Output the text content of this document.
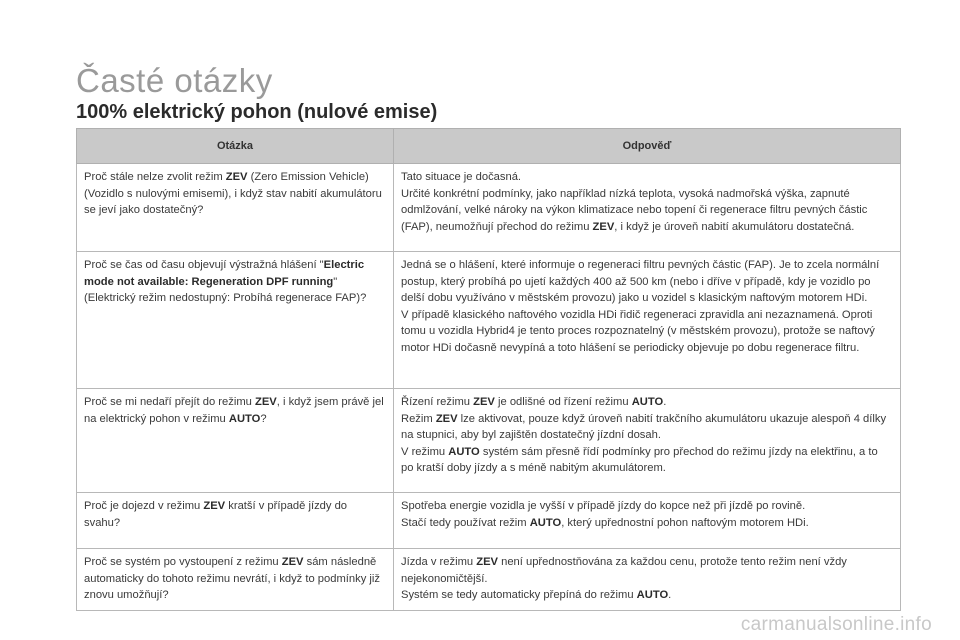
Časté otázky
100% elektrický pohon (nulové emise)
Otázka	Odpověď
Proč stále nelze zvolit režim ZEV (Zero Emission Vehicle) (Vozidlo s nulovými emisemi), i když stav nabití akumulátoru se jeví jako dostatečný?	Tato situace je dočasná.
Určité konkrétní podmínky, jako například nízká teplota, vysoká nadmořská výška, zapnuté odmlžování, velké nároky na výkon klimatizace nebo topení či regenerace filtru pevných částic (FAP), neumožňují přechod do režimu ZEV, i když je úroveň nabití akumulátoru dostatečná.
Proč se čas od času objevují výstražná hlášení "Electric mode not available: Regeneration DPF running" (Elektrický režim nedostupný: Probíhá regenerace FAP)?	Jedná se o hlášení, které informuje o regeneraci filtru pevných částic (FAP). Je to zcela normální postup, který probíhá po ujetí každých 400 až 500 km (nebo i dříve v případě, kdy je vozidlo po delší dobu využíváno v městském provozu) jako u vozidel s klasickým naftovým motorem HDi.
V případě klasického naftového vozidla HDi řidič regeneraci zpravidla ani nezaznamená. Oproti tomu u vozidla Hybrid4 je tento proces rozpoznatelný (v městském provozu), protože se naftový motor HDi dočasně nevypíná a toto hlášení se periodicky objevuje po dobu regenerace filtru.
Proč se mi nedaří přejít do režimu ZEV, i když jsem právě jel na elektrický pohon v režimu AUTO?	Řízení režimu ZEV je odlišné od řízení režimu AUTO.
Režim ZEV lze aktivovat, pouze když úroveň nabití trakčního akumulátoru ukazuje alespoň 4 dílky na stupnici, aby byl zajištěn dostatečný jízdní dosah.
V režimu AUTO systém sám přesně řídí podmínky pro přechod do režimu jízdy na elektřinu, a to po kratší doby jízdy a s méně nabitým akumulátorem.
Proč je dojezd v režimu ZEV kratší v případě jízdy do svahu?	Spotřeba energie vozidla je vyšší v případě jízdy do kopce než při jízdě po rovině.
Stačí tedy používat režim AUTO, který upřednostní pohon naftovým motorem HDi.
Proč se systém po vystoupení z režimu ZEV sám následně automaticky do tohoto režimu nevrátí, i když to podmínky již znovu umožňují?	Jízda v režimu ZEV není upřednostňována za každou cenu, protože tento režim není vždy nejekonomičtější.
Systém se tedy automaticky přepíná do režimu AUTO.
carmanualsonline.info
